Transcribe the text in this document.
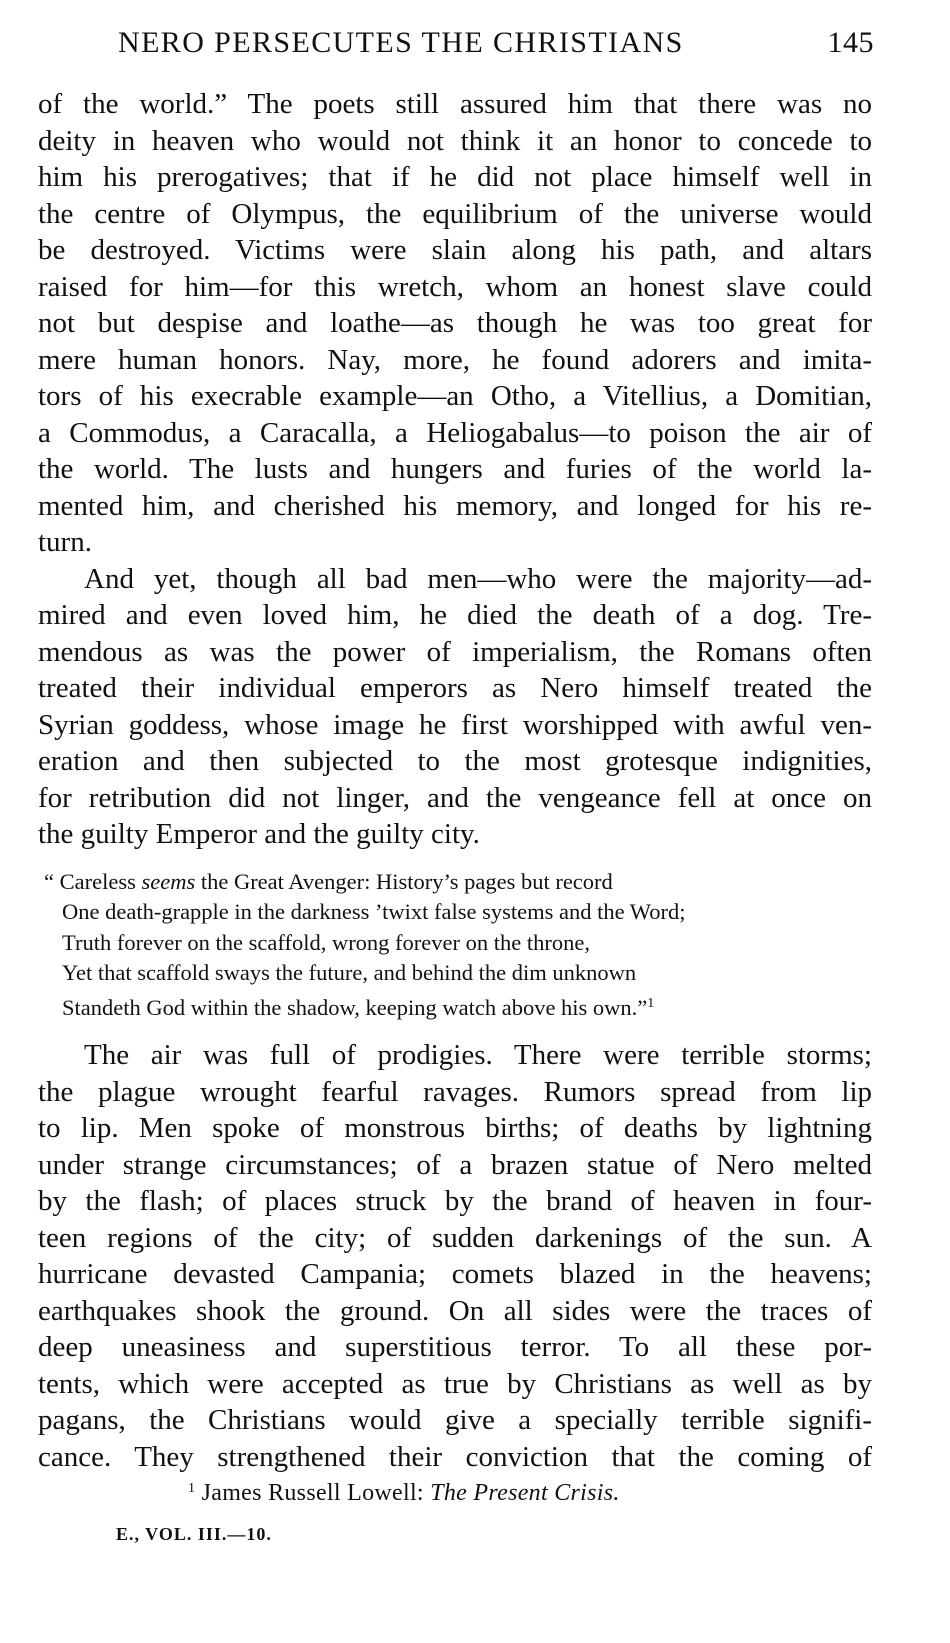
NERO PERSECUTES THE CHRISTIANS	145

of the world.” The poets still assured him that there was no
deity in heaven who would not think it an honor to concede to
him his prerogatives; that if he did not place himself well in
the centre of Olympus, the equilibrium of the universe would
be destroyed. Victims were slain along his path, and altars
raised for him—for this wretch, whom an honest slave could
not but despise and loathe—as though he was too great for
mere human honors. Nay, more, he found adorers and imita-
tors of his execrable example—an Otho, a Vitellius, a Domitian,
a Commodus, a Caracalla, a Heliogabalus—to poison the air of
the world. The lusts and hungers and furies of the world la-
mented him, and cherished his memory, and longed for his re-
turn.

And yet, though all bad men—who were the majority—ad-
mired and even loved him, he died the death of a dog. Tre-
mendous as was the power of imperialism, the Romans often
treated their individual emperors as Nero himself treated the
Syrian goddess, whose image he first worshipped with awful ven-
eration and then subjected to the most grotesque indignities,
for retribution did not linger, and the vengeance fell at once on
the guilty Emperor and the guilty city.

“ Careless seems the Great Avenger: History’s pages but record
One death-grapple in the darkness ’twixt false systems and the Word;
Truth forever on the scaffold, wrong forever on the throne,
Yet that scaffold sways the future, and behind the dim unknown
Standeth God within the shadow, keeping watch above his own.”$^1$

The air was full of prodigies. There were terrible storms;
the plague wrought fearful ravages. Rumors spread from lip
to lip. Men spoke of monstrous births; of deaths by lightning
under strange circumstances; of a brazen statue of Nero melted
by the flash; of places struck by the brand of heaven in four-
teen regions of the city; of sudden darkenings of the sun. A
hurricane devasted Campania; comets blazed in the heavens;
earthquakes shook the ground. On all sides were the traces of
deep uneasiness and superstitious terror. To all these por-
tents, which were accepted as true by Christians as well as by
pagans, the Christians would give a specially terrible signifi-
cance. They strengthened their conviction that the coming of

$^1$ James Russell Lowell: The Present Crisis.
E., VOL. III.—10.
